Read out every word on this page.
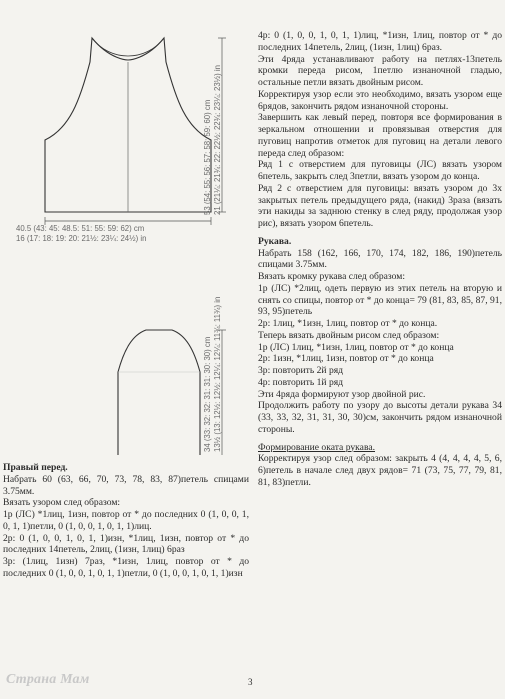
40.5 (43: 45: 48.5: 51: 55: 59: 62) cm
16 (17: 18: 19: 20: 21½: 23¼: 24½) in
53 (54: 55: 56: 57: 58: 59: 60) cm 21 (21¼: 21¾: 22: 22½: 22¾: 23¼: 23½) in
34 (33: 32: 32: 31: 31: 30: 30) cm 13½ (13: 12½: 12½: 12¼: 12¼: 11¾: 11¾) in

Правый перед.

Набрать 60 (63, 66, 70, 73, 78, 83, 87)петель спицами 3.75мм.

Вязать узором след образом:

1р (ЛС) *1лиц, 1изн, повтор от * до последних 0 (1, 0, 0, 1, 0, 1, 1)петли, 0 (1, 0, 0, 1, 0, 1, 1)лиц.

2р: 0 (1, 0, 0, 1, 0, 1, 1)изн, *1лиц, 1изн, повтор от * до последних 14петель, 2лиц, (1изн, 1лиц) 6раз

3р: (1лиц, 1изн) 7раз, *1изн, 1лиц, повтор от * до последних 0 (1, 0, 0, 1, 0, 1, 1)петли, 0 (1, 0, 0, 1, 0, 1, 1)изн

4р: 0 (1, 0, 0, 1, 0, 1, 1)лиц, *1изн, 1лиц, повтор от * до последних 14петель, 2лиц, (1изн, 1лиц) 6раз.

Эти 4ряда устанавливают работу на петлях-13петель кромки переда рисом, 1петлю изнаночной гладью, остальные петли вязать двойным рисом.

Корректируя узор если это необходимо, вязать узором еще 6рядов, закончить рядом изнаночной стороны.

Завершить как левый перед, повторя все формирования в зеркальном отношении и провязывая отверстия для пуговиц напротив отметок для пуговиц на детали левого переда след образом:

Ряд 1 с отверстием для пуговицы (ЛС) вязать узором 6петель, закрыть след 3петли, вязать узором до конца.

Ряд 2 с отверстием для пуговицы: вязать узором до 3х закрытых петель предыдущего ряда, (накид) 3раза (вязать эти накиды за заднюю стенку в след ряду, продолжая узор рис), вязать узором 6петель.

Рукава.

Набрать 158 (162, 166, 170, 174, 182, 186, 190)петель спицами 3.75мм.

Вязать кромку рукава след образом:

1р (ЛС) *2лиц, одеть первую из этих петель на вторую и снять со спицы, повтор от * до конца= 79 (81, 83, 85, 87, 91, 93, 95)петель

2р: 1лиц, *1изн, 1лиц, повтор от * до конца.

Теперь вязать двойным рисом след образом:

1р (ЛС) 1лиц, *1изн, 1лиц, повтор от * до конца

2р: 1изн, *1лиц, 1изн, повтор от * до конца

3р: повторить 2й ряд

4р: повторить 1й ряд

Эти 4ряда формируют узор двойной рис.

Продолжить работу по узору до высоты детали рукава 34 (33, 33, 32, 31, 31, 30, 30)см, закончить рядом изнаночной стороны.

Формирование оката рукава.

Корректируя узор след образом: закрыть 4 (4, 4, 4, 4, 5, 6, 6)петель в начале след двух рядов= 71 (73, 75, 77, 79, 81, 81, 83)петли.

3
Страна Мам
